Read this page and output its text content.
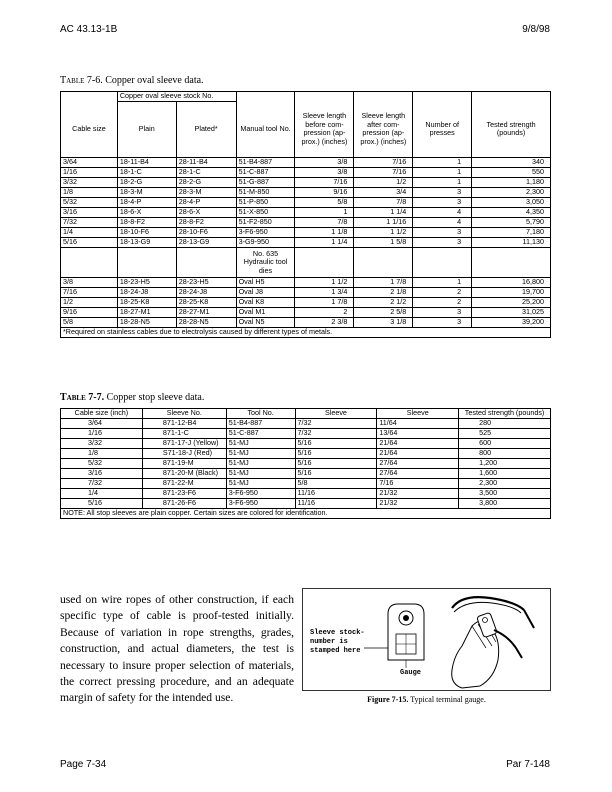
AC 43.13-1B	9/8/98
Table 7-6. Copper oval sleeve data.
	Copper oval sleeve stock No.						
Cable size	Plain	Plated*	Manual tool No.	Sleeve length before com-pression (ap-prox.) (inches)	Sleeve length after com-pression (ap-prox.) (inches)	Number of presses	Tested strength (pounds)
3/64	18-11-B4	28-11-B4	51-B4-887	3/8	7/16	1	340
1/16	18-1-C	28-1-C	51-C-887	3/8	7/16	1	550
3/32	18-2-G	28-2-G	51-G-887	7/16	1/2	1	1,180
1/8	18-3-M	28-3-M	51-M-850	9/16	3/4	3	2,300
5/32	18-4-P	28-4-P	51-P-850	5/8	7/8	3	3,050
3/16	18-6-X	28-6-X	51-X-850	1	1 1/4	4	4,350
7/32	18-8-F2	28-8-F2	51-F2-850	7/8	1 1/16	4	5,790
1/4	18-10-F6	28-10-F6	3-F6-950	1 1/8	1 1/2	3	7,180
5/16	18-13-G9	28-13-G9	3-G9-950	1 1/4	1 5/8	3	11,130
			No. 635 Hydraulic tool dies				
3/8	18-23-H5	28-23-H5	Oval H5	1 1/2	1 7/8	1	16,800
7/16	18-24-J8	28-24-J8	Oval J8	1 3/4	2 1/8	2	19,700
1/2	18-25-K8	28-25-K8	Oval K8	1 7/8	2 1/2	2	25,200
9/16	18-27-M1	28-27-M1	Oval M1	2	2 5/8	3	31,025
5/8	18-28-N5	28-28-N5	Oval N5	2 3/8	3 1/8	3	39,200
*Required on stainless cables due to electrolysis caused by different types of metals.							
Table 7-7. Copper stop sleeve data.
Cable size (inch)	Sleeve No.	Tool No.	Sleeve	Sleeve	Tested strength (pounds)
3/64	871-12-B4	51-B4-887	7/32	11/64	280
1/16	871-1-C	51-C-887	7/32	13/64	525
3/32	871-17-J (Yellow)	51-MJ	5/16	21/64	600
1/8	S71-18-J (Red)	51-MJ	5/16	21/64	800
5/32	871-19-M	51-MJ	5/16	27/64	1,200
3/16	871-20-M (Black)	51-MJ	5/16	27/64	1,600
7/32	871-22-M	51-MJ	5/8	7/16	2,300
1/4	871-23-F6	3-F6-950	11/16	21/32	3,500
5/16	871-26-F6	3-F6-950	11/16	21/32	3,800
NOTE: All stop sleeves are plain copper. Certain sizes are colored for identification.					
used on wire ropes of other construction, if each specific type of cable is proof-tested initially. Because of variation in rope strengths, grades, construction, and actual diameters, the test is necessary to insure proper selection of materials, the correct pressing procedure, and an adequate margin of safety for the intended use.
Sleeve stock-
number is
stamped here
Gauge
Figure 7-15. Typical terminal gauge.
Page 7-34	Par 7-148
